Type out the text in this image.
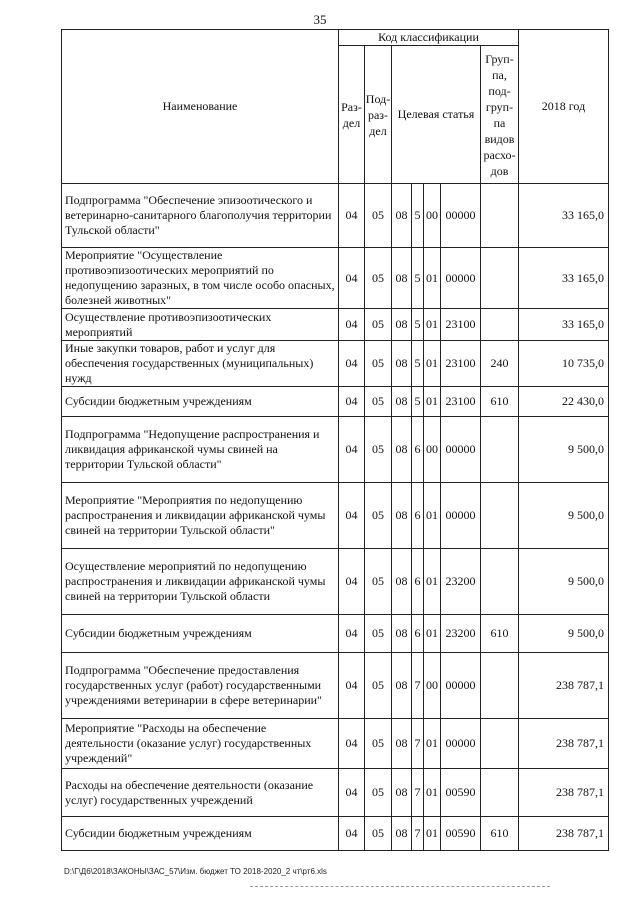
35
Наименование	Код классификации							2018 год

	Раз-дел	Под-раз-дел	Целевая статья				Груп-па, под-груп-па видов расхо-дов	

Подпрограмма "Обеспечение эпизоотического и ветеринарно-санитарного благополучия территории Тульской области"	04	05	08	5	00	00000		33 165,0
Мероприятие "Осуществление противоэпизоотических мероприятий по недопущению заразных, в том числе особо опасных, болезней животных"	04	05	08	5	01	00000		33 165,0
Осуществление противоэпизоотических мероприятий	04	05	08	5	01	23100		33 165,0
Иные закупки товаров, работ и услуг для обеспечения государственных (муниципальных) нужд	04	05	08	5	01	23100	240	10 735,0
Субсидии бюджетным учреждениям	04	05	08	5	01	23100	610	22 430,0
Подпрограмма "Недопущение распространения и ликвидация африканской чумы свиней на территории Тульской области"	04	05	08	6	00	00000		9 500,0
Мероприятие "Мероприятия по недопущению распространения и ликвидации африканской чумы свиней на территории Тульской области"	04	05	08	6	01	00000		9 500,0
Осуществление мероприятий по недопущению распространения и ликвидации африканской чумы свиней на территории Тульской области	04	05	08	6	01	23200		9 500,0
Субсидии бюджетным учреждениям	04	05	08	6	01	23200	610	9 500,0
Подпрограмма "Обеспечение предоставления государственных услуг (работ) государственными учреждениями ветеринарии в сфере ветеринарии"	04	05	08	7	00	00000		238 787,1
Мероприятие "Расходы на обеспечение деятельности (оказание услуг) государственных учреждений"	04	05	08	7	01	00000		238 787,1
Расходы на обеспечение деятельности (оказание услуг) государственных учреждений	04	05	08	7	01	00590		238 787,1
Субсидии бюджетным учреждениям	04	05	08	7	01	00590	610	238 787,1
D:\Г\Д6\2018\ЗАКОНЫ\ЗАС_57\Изм. бюджет ТО 2018-2020_2 чт\рт6.xls
